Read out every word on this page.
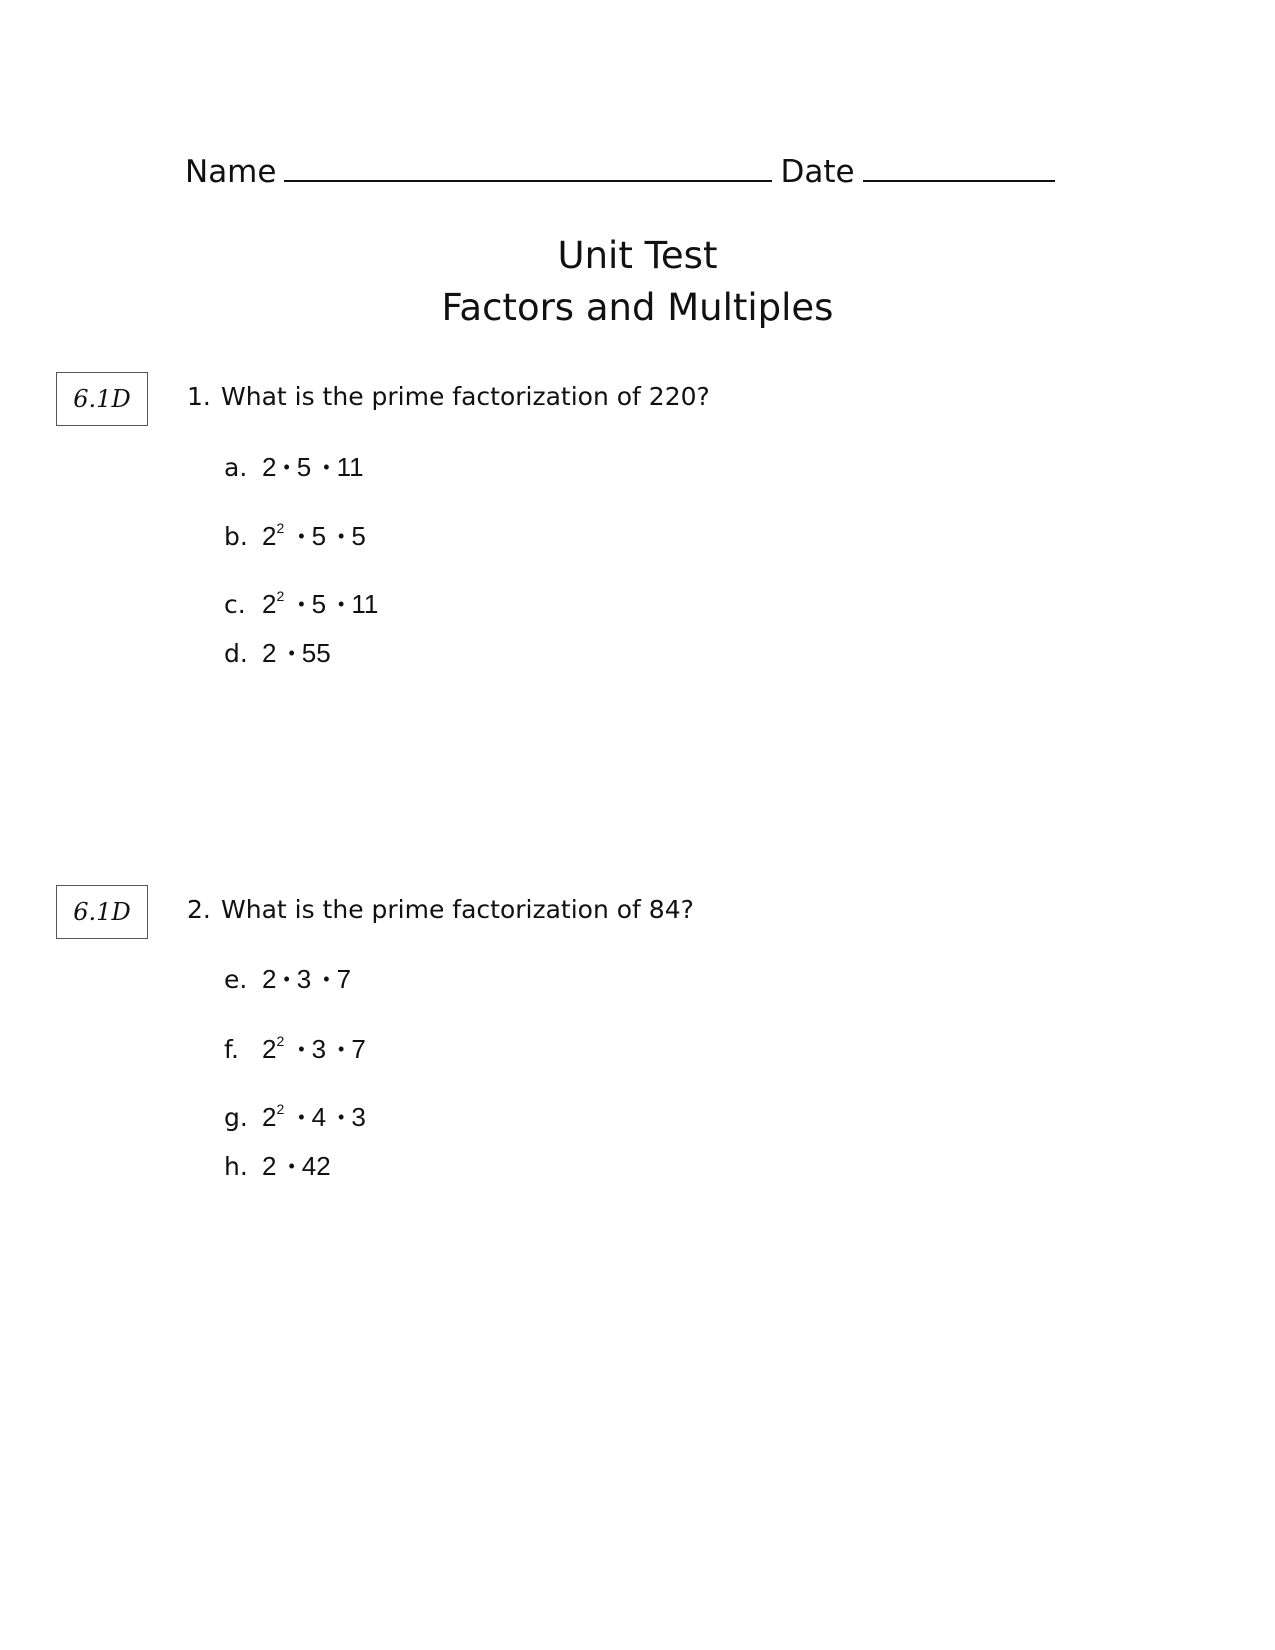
Name	Date
Unit Test
Factors and Multiples
6.1D	1. What is the prime factorization of 220?
a. 2 • 5 • 11
b. $2^2$ • 5 • 5
c. $2^2$ • 5 • 11
d. 2 • 55
6.1D	2. What is the prime factorization of 84?
e. 2 • 3 • 7
f. $2^2$ • 3 • 7
g. $2^2$ • 4 • 3
h. 2 • 42
